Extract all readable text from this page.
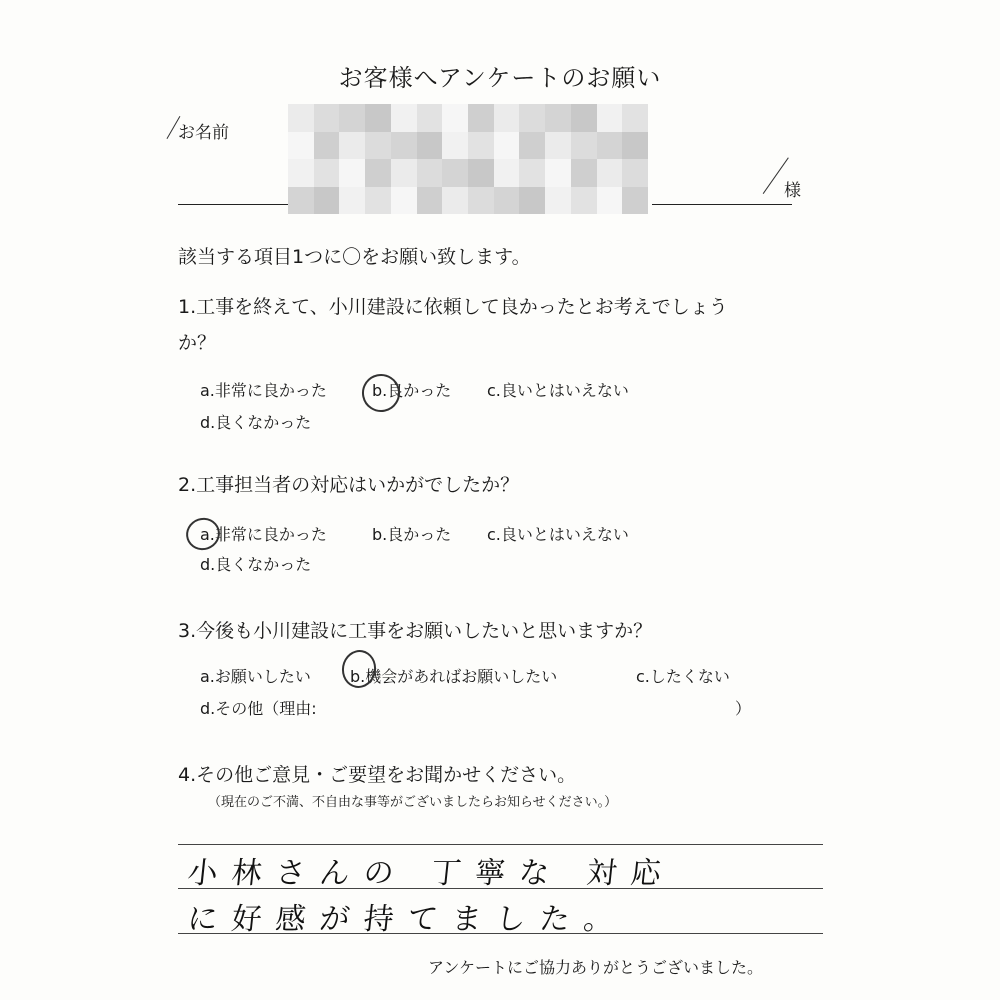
お客様へアンケートのお願い
お名前
様
該当する項目1つに〇をお願い致します。
1.工事を終えて、小川建設に依頼して良かったとお考えでしょう
か？
a.非常に良かった	b.良かった c.良いとはいえない
d.良くなかった
2.工事担当者の対応はいかがでしたか？
a.非常に良かった	b.良かった c.良いとはいえない
d.良くなかった
3.今後も小川建設に工事をお願いしたいと思いますか？
a.お願いしたい b.機会があればお願いしたい	c.したくない
d.その他（理由:	）
4.その他ご意見・ご要望をお聞かせください。
（現在のご不満、不自由な事等がございましたらお知らせください。）
小林さんの 丁寧な 対応
に好感が持てました。
アンケートにご協力ありがとうございました。
